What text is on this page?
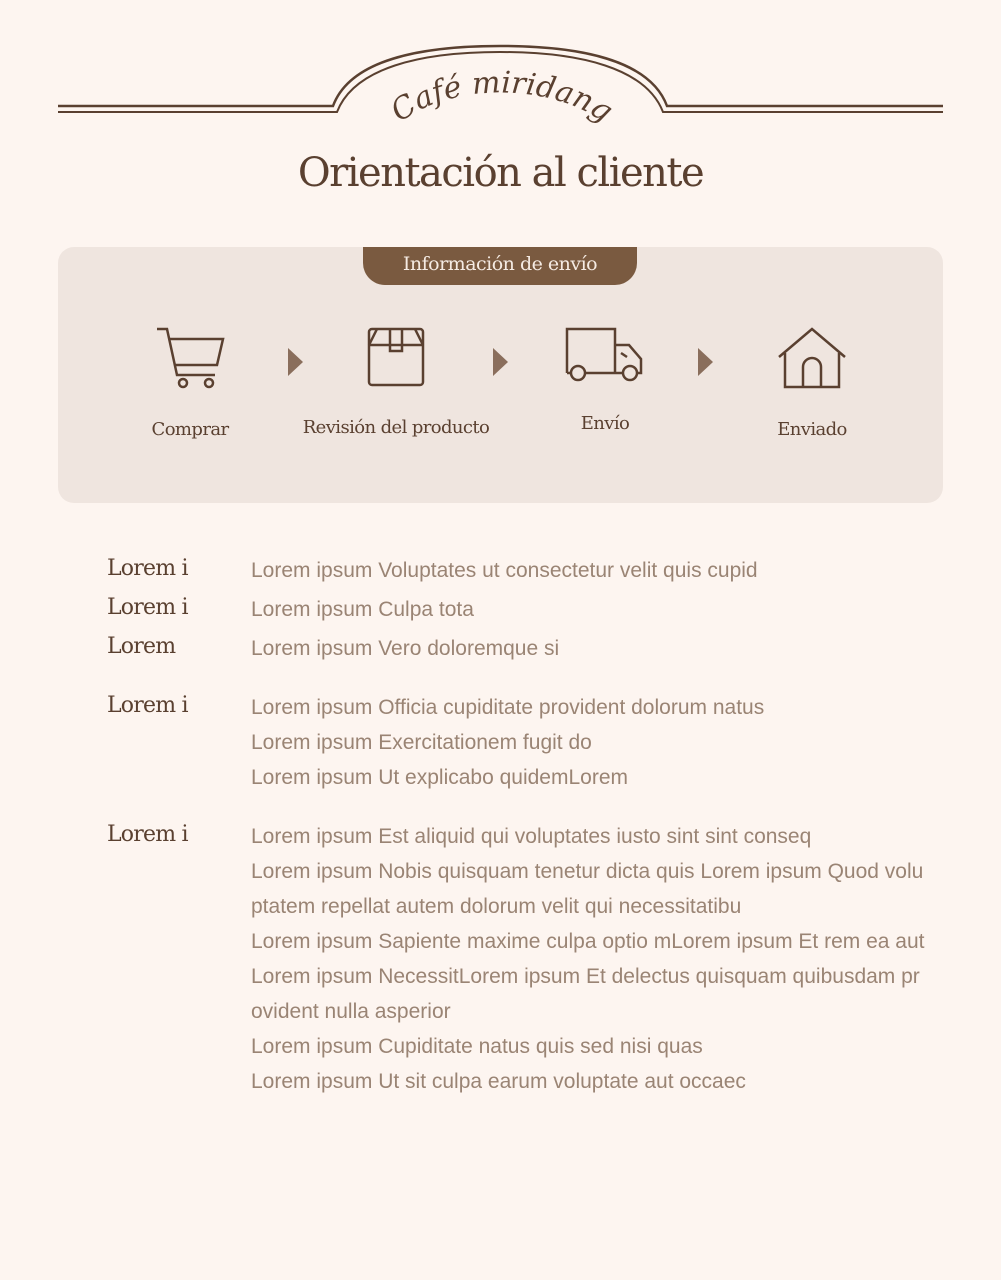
Café miridang
Orientación al cliente
Información de envío
Comprar	Revisión del producto	Envío	Enviado
Lorem i	Lorem ipsum Voluptates ut consectetur velit quis cupid
Lorem i	Lorem ipsum Culpa tota
Lorem	Lorem ipsum Vero doloremque si
Lorem i	Lorem ipsum Officia cupiditate provident dolorum natus
Lorem ipsum Exercitationem fugit do
Lorem ipsum Ut explicabo quidemLorem
Lorem i	Lorem ipsum Est aliquid qui voluptates iusto sint sint conseq
Lorem ipsum Nobis quisquam tenetur dicta quis Lorem ipsum Quod voluptatem repellat autem dolorum velit qui necessitatibu
Lorem ipsum Sapiente maxime culpa optio mLorem ipsum Et rem ea aut
Lorem ipsum NecessitLorem ipsum Et delectus quisquam quibusdam provident nulla asperior
Lorem ipsum Cupiditate natus quis sed nisi quas
Lorem ipsum Ut sit culpa earum voluptate aut occaec
